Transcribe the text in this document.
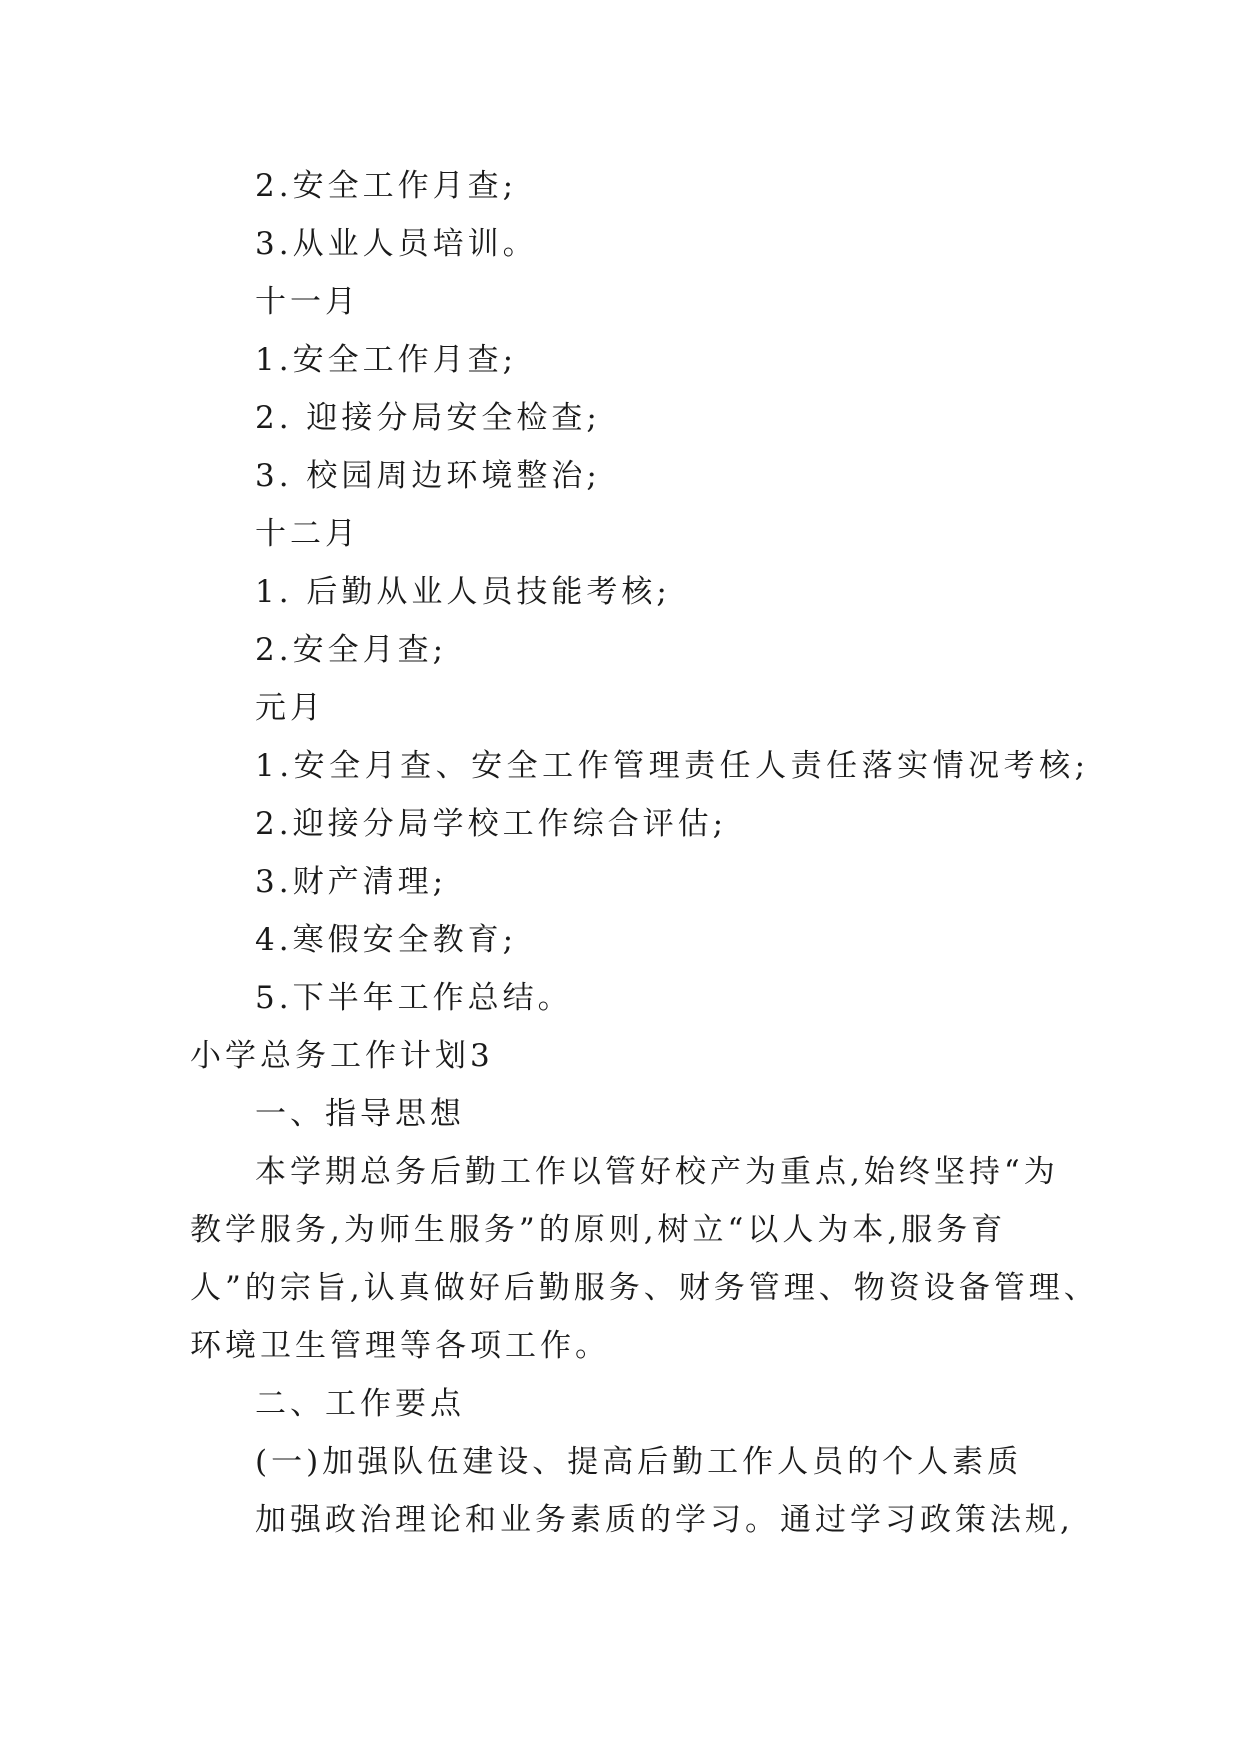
2.安全工作月查;
3.从业人员培训。
十一月
1.安全工作月查;
2. 迎接分局安全检查;
3. 校园周边环境整治;
十二月
1. 后勤从业人员技能考核;
2.安全月查;
元月
1.安全月查、安全工作管理责任人责任落实情况考核;
2.迎接分局学校工作综合评估;
3.财产清理;
4.寒假安全教育;
5.下半年工作总结。
小学总务工作计划3
一、指导思想
本学期总务后勤工作以管好校产为重点,始终坚持“为
教学服务,为师生服务”的原则,树立“以人为本,服务育
人”的宗旨,认真做好后勤服务、财务管理、物资设备管理、
环境卫生管理等各项工作。
二、工作要点
(一)加强队伍建设、提高后勤工作人员的个人素质
加强政治理论和业务素质的学习。通过学习政策法规,
